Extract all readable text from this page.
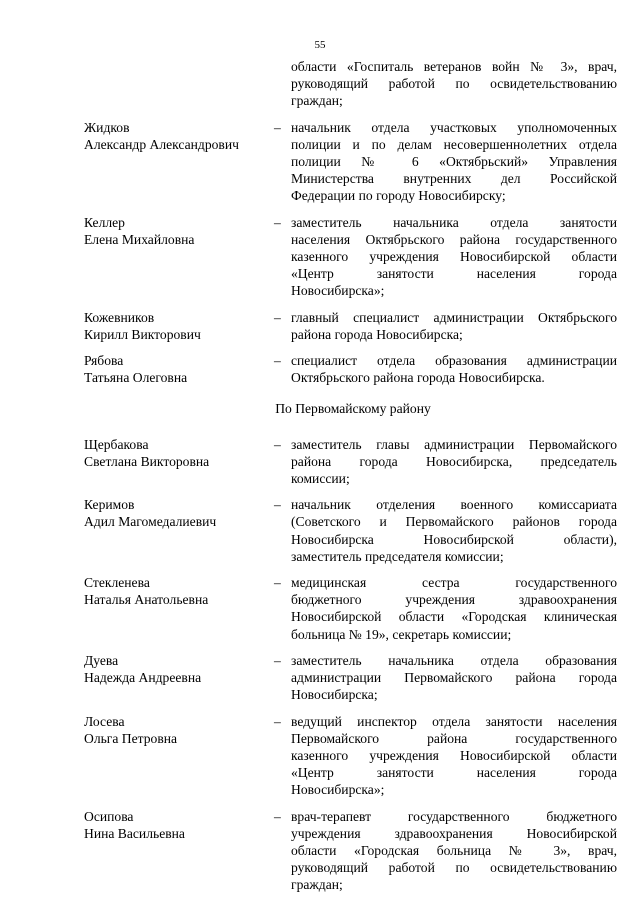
55
области «Госпиталь ветеранов войн № 3», врач,
руководящий работой по освидетельствованию
граждан;
Жидков
Александр Александрович
– начальник отдела участковых уполномоченных
полиции и по делам несовершеннолетних отдела
полиции № 6 «Октябрьский» Управления
Министерства внутренних дел Российской
Федерации по городу Новосибирску;
Келлер
Елена Михайловна
– заместитель начальника отдела занятости
населения Октябрьского района государственного
казенного учреждения Новосибирской области
«Центр занятости населения города
Новосибирска»;
Кожевников
Кирилл Викторович
– главный специалист администрации Октябрьского
района города Новосибирска;
Рябова
Татьяна Олеговна
– специалист отдела образования администрации
Октябрьского района города Новосибирска.
По Первомайскому району
Щербакова
Светлана Викторовна
– заместитель главы администрации Первомайского
района города Новосибирска, председатель
комиссии;
Керимов
Адил Магомедалиевич
– начальник отделения военного комиссариата
(Советского и Первомайского районов города
Новосибирска Новосибирской области),
заместитель председателя комиссии;
Стекленева
Наталья Анатольевна
– медицинская сестра государственного
бюджетного учреждения здравоохранения
Новосибирской области «Городская клиническая
больница № 19», секретарь комиссии;
Дуева
Надежда Андреевна
– заместитель начальника отдела образования
администрации Первомайского района города
Новосибирска;
Лосева
Ольга Петровна
– ведущий инспектор отдела занятости населения
Первомайского района государственного
казенного учреждения Новосибирской области
«Центр занятости населения города
Новосибирска»;
Осипова
Нина Васильевна
– врач-терапевт государственного бюджетного
учреждения здравоохранения Новосибирской
области «Городская больница № 3», врач,
руководящий работой по освидетельствованию
граждан;
